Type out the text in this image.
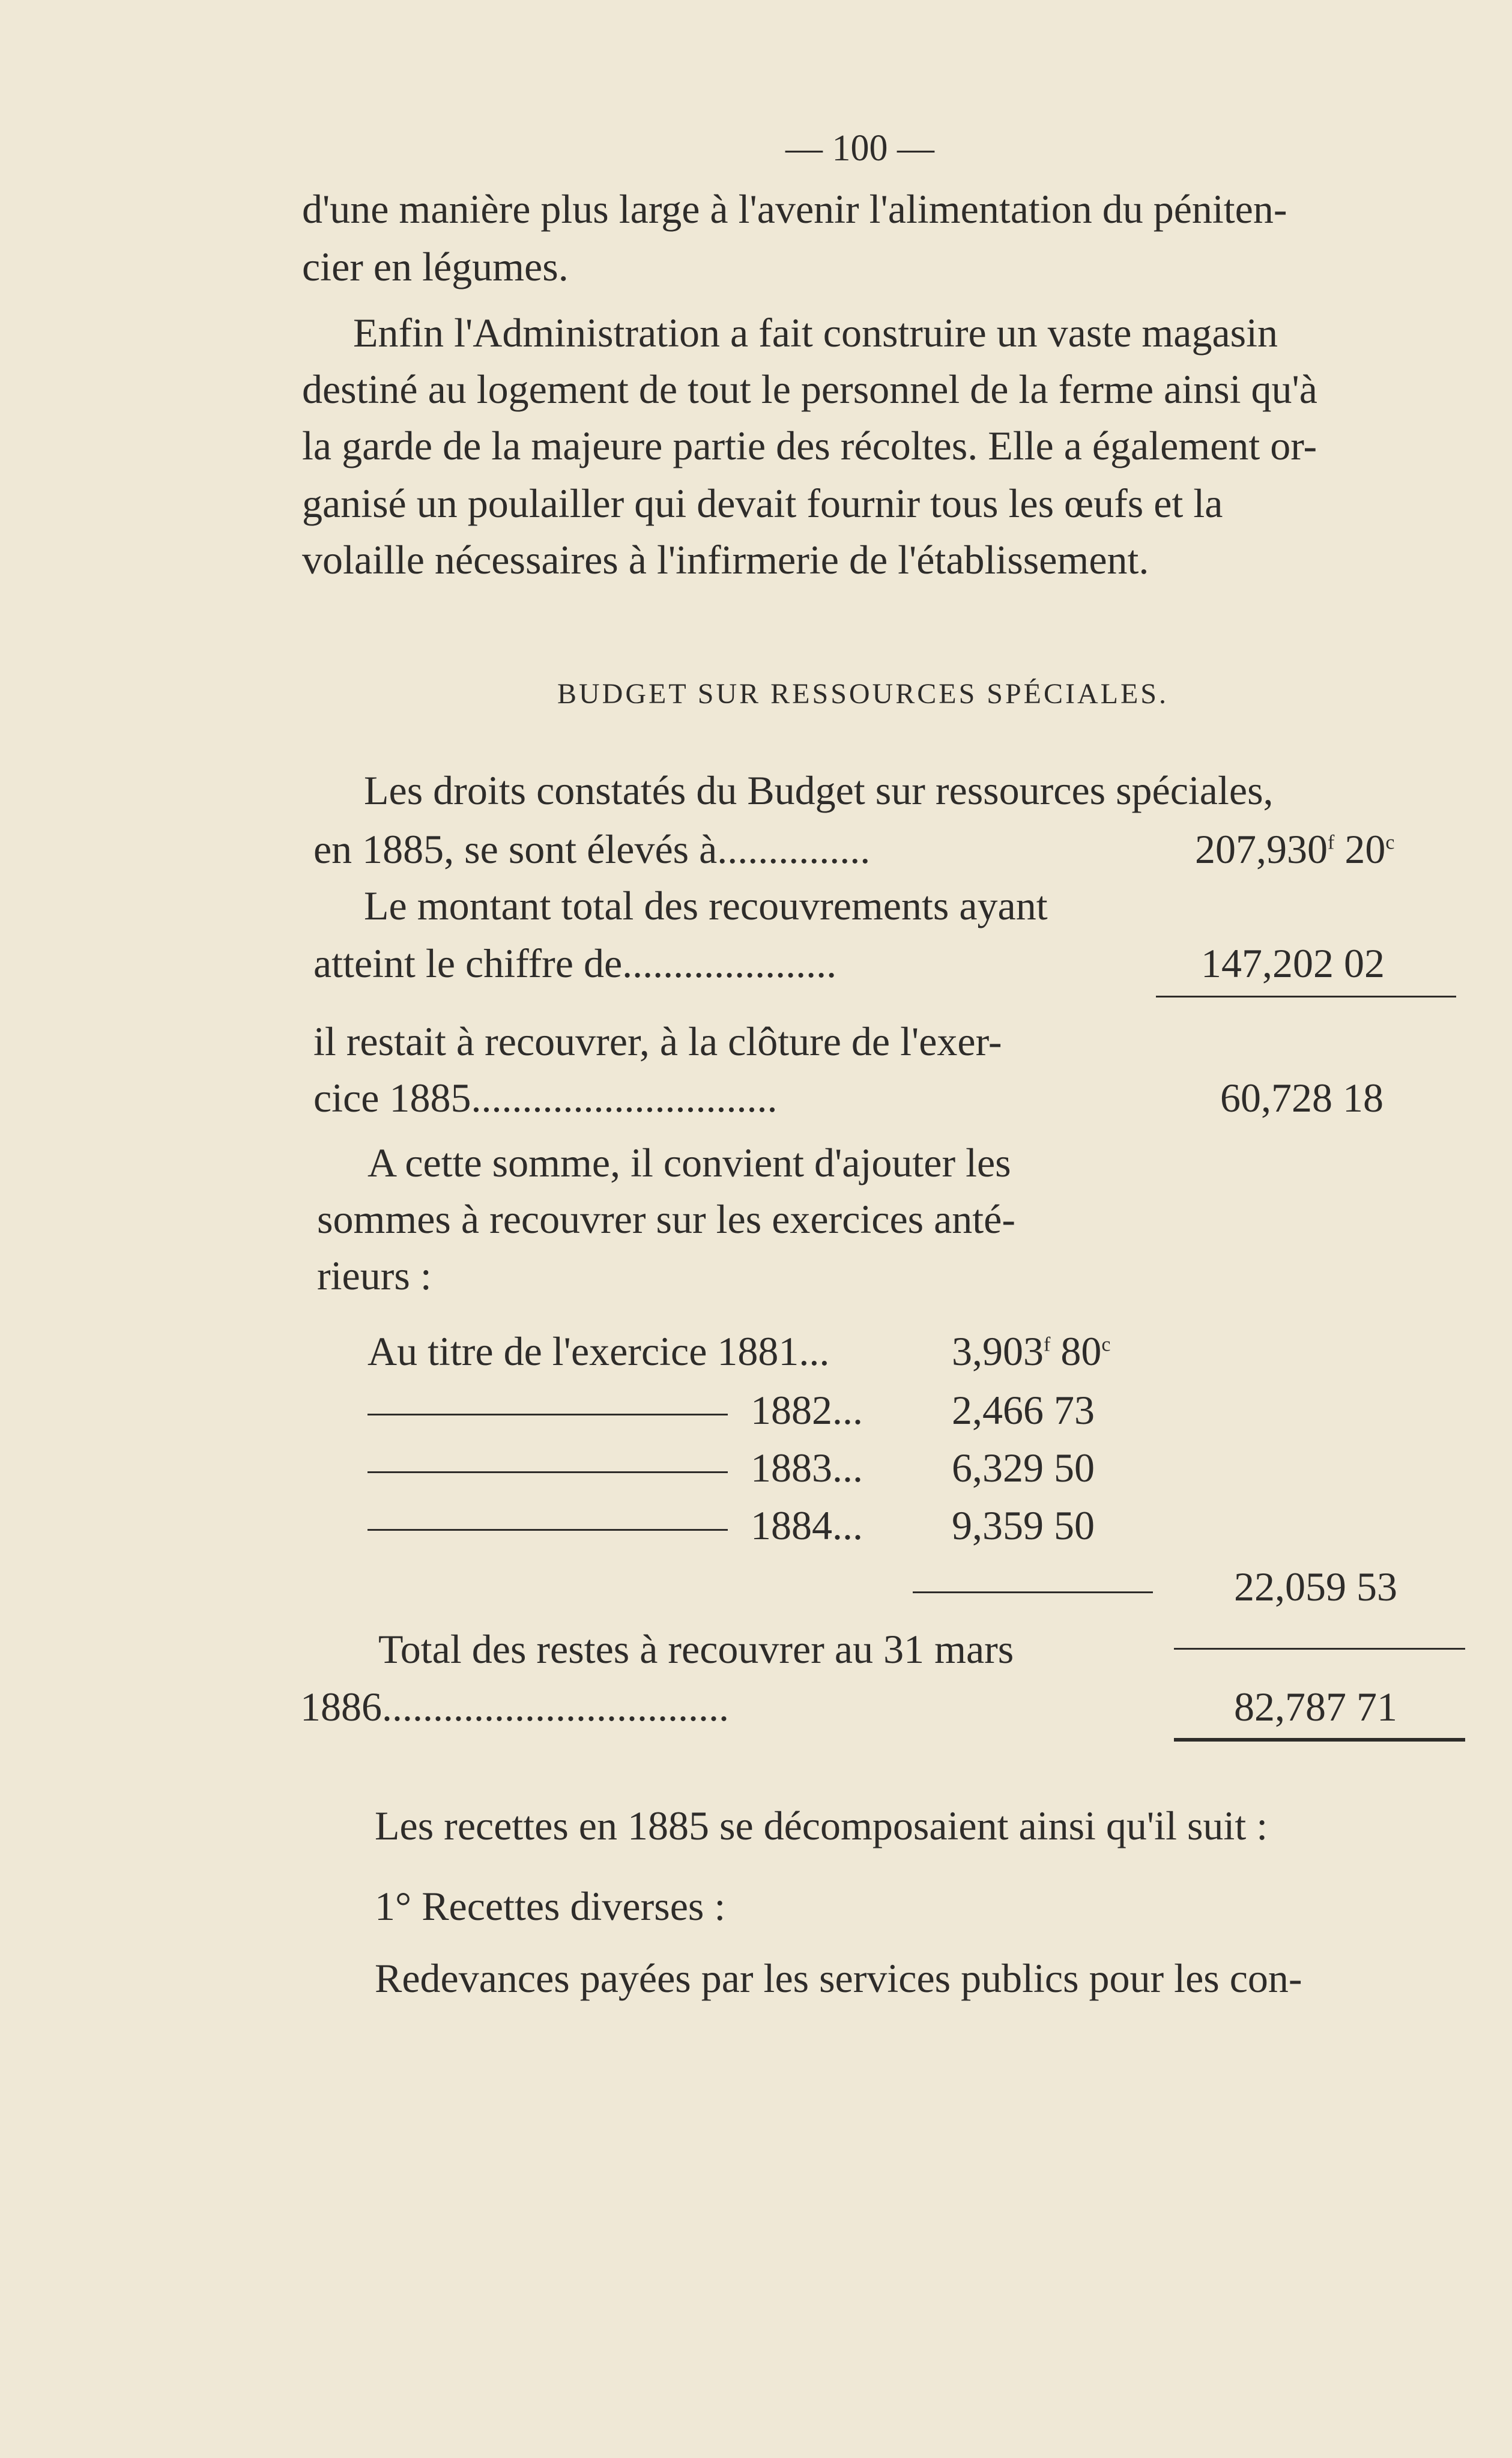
— 100 —
d'une manière plus large à l'avenir l'alimentation du péniten-
cier en légumes.
Enfin l'Administration a fait construire un vaste magasin
destiné au logement de tout le personnel de la ferme ainsi qu'à
la garde de la majeure partie des récoltes. Elle a également or-
ganisé un poulailler qui devait fournir tous les œufs et la
volaille nécessaires à l'infirmerie de l'établissement.
BUDGET SUR RESSOURCES SPÉCIALES.
Les droits constatés du Budget sur ressources spéciales,
en 1885, se sont élevés à...............	207,930$^f$ 20$^c$
Le montant total des recouvrements ayant
atteint le chiffre de.....................	147,202 02
il restait à recouvrer, à la clôture de l'exer-
cice 1885..............................	60,728 18
A cette somme, il convient d'ajouter les
sommes à recouvrer sur les exercices anté-
rieurs :
Au titre de l'exercice 1881...	3,903$^f$ 80$^c$
1882... 2,466 73
1883... 6,329 50
1884... 9,359 50
22,059 53
Total des restes à recouvrer au 31 mars
1886..................................	82,787 71
Les recettes en 1885 se décomposaient ainsi qu'il suit :
1° Recettes diverses :
Redevances payées par les services publics pour les con-
